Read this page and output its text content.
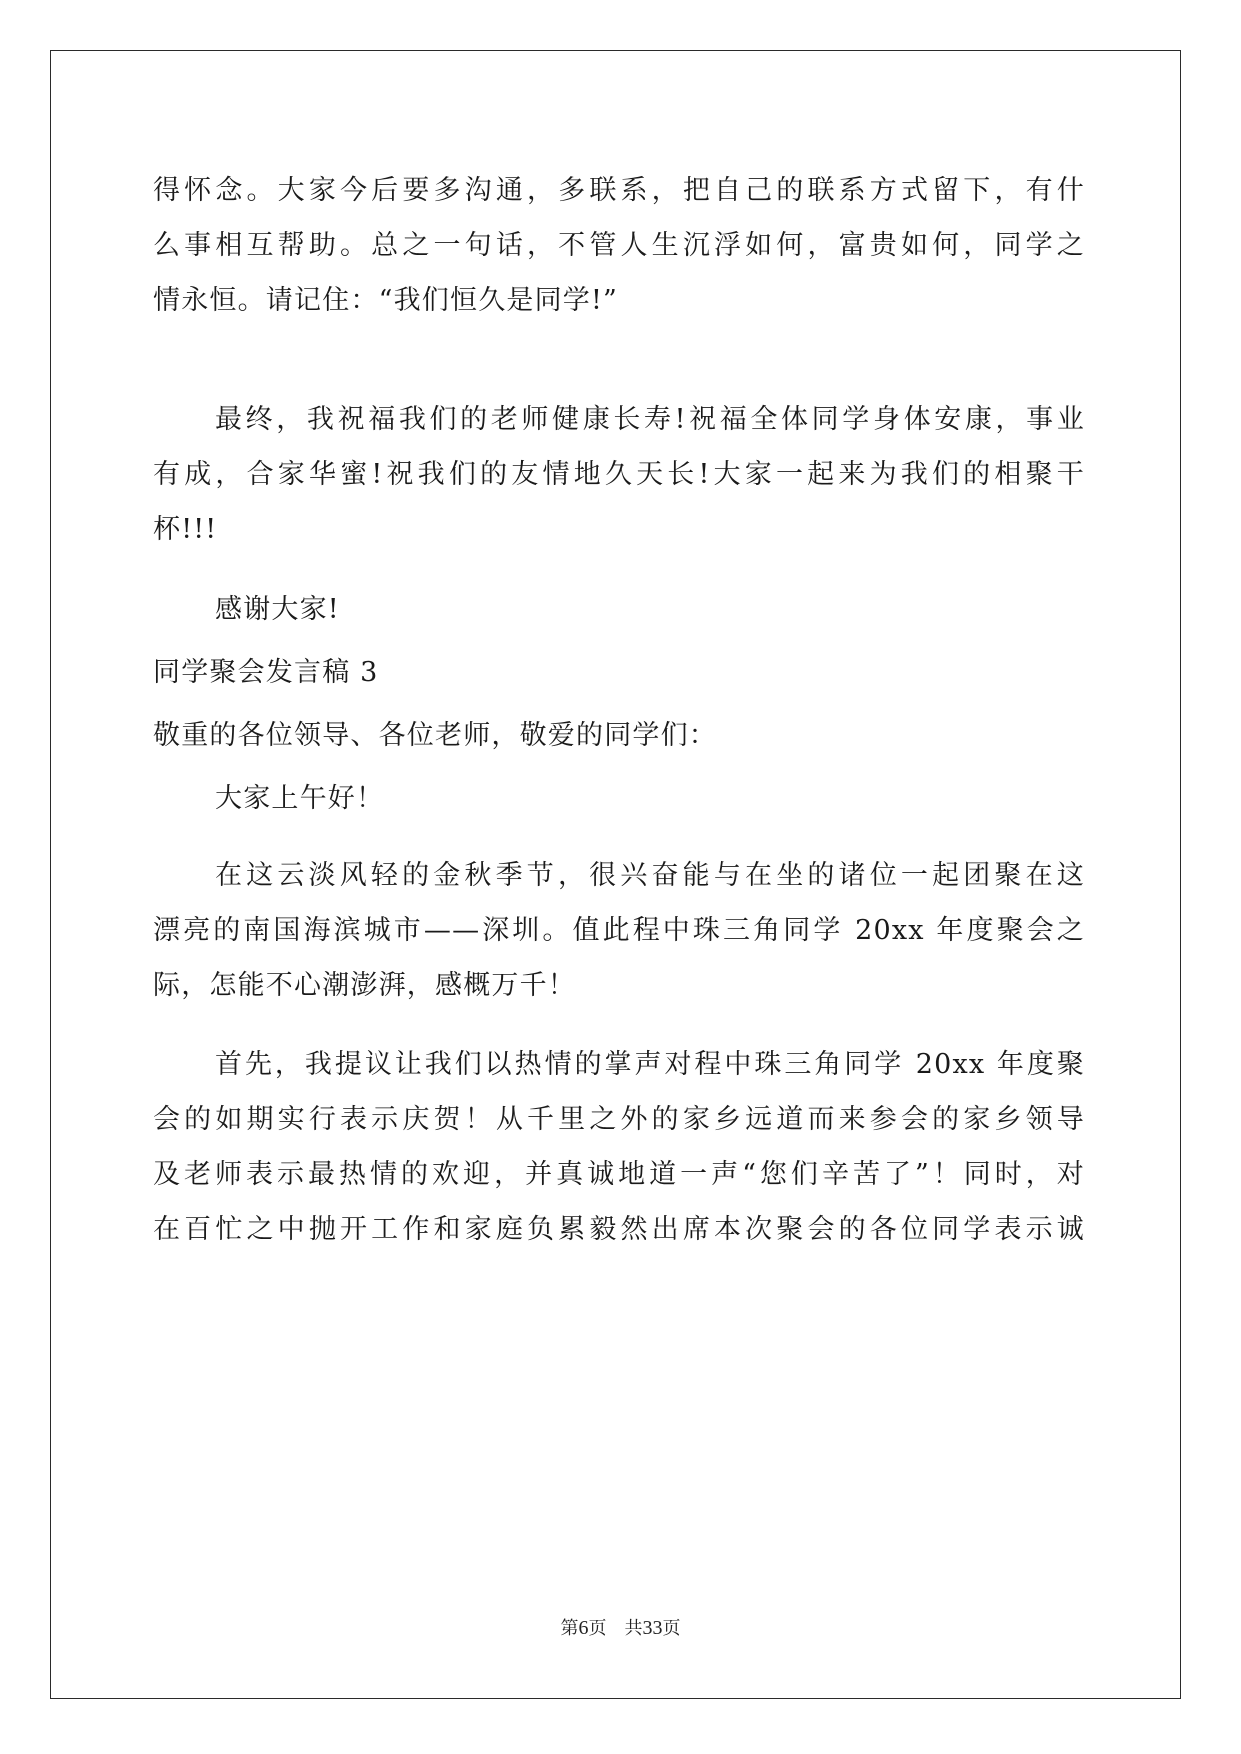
得怀念。大家今后要多沟通，多联系，把自己的联系方式留下，有什
么事相互帮助。总之一句话，不管人生沉浮如何，富贵如何，同学之
情永恒。请记住：“我们恒久是同学!”
最终，我祝福我们的老师健康长寿!祝福全体同学身体安康，事业
有成，合家华蜜!祝我们的友情地久天长!大家一起来为我们的相聚干
杯!!!
感谢大家!
同学聚会发言稿 3
敬重的各位领导、各位老师，敬爱的同学们：
大家上午好！
在这云淡风轻的金秋季节，很兴奋能与在坐的诸位一起团聚在这
漂亮的南国海滨城市——深圳。值此程中珠三角同学 20xx 年度聚会之
际，怎能不心潮澎湃，感概万千！
首先，我提议让我们以热情的掌声对程中珠三角同学 20xx 年度聚
会的如期实行表示庆贺！从千里之外的家乡远道而来参会的家乡领导
及老师表示最热情的欢迎，并真诚地道一声“您们辛苦了”！同时，对
在百忙之中抛开工作和家庭负累毅然出席本次聚会的各位同学表示诚
第6页 共33页
